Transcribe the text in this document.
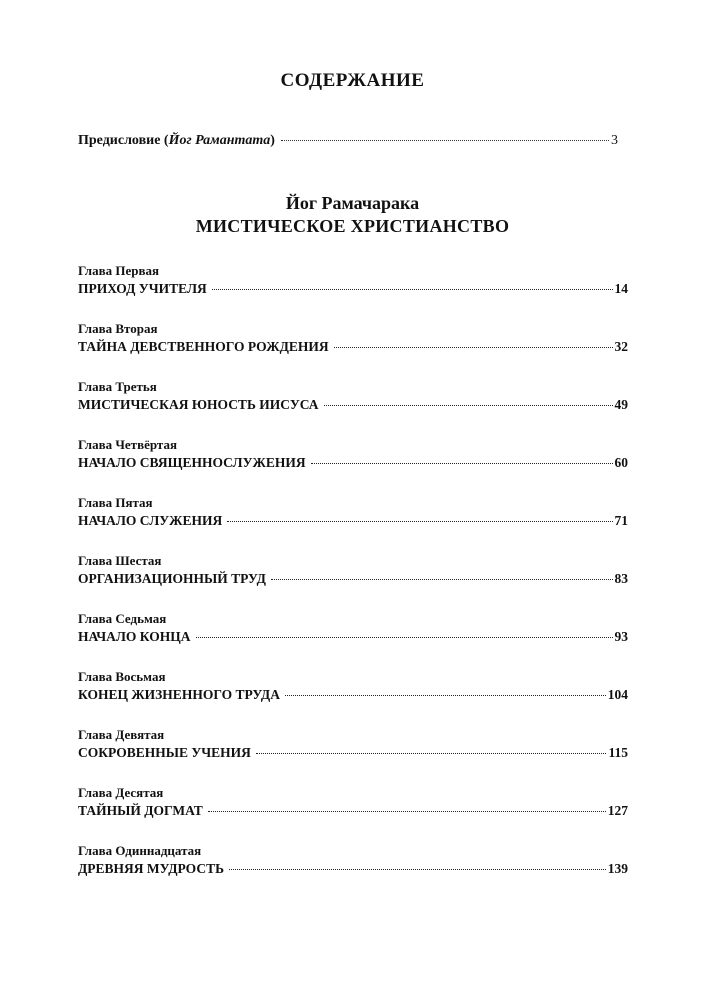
СОДЕРЖАНИЕ
Предисловие ( Йог Рамантата )	3
Йог Рамачарака
МИСТИЧЕСКОЕ ХРИСТИАНСТВО
Глава Первая
ПРИХОД УЧИТЕЛЯ	14
Глава Вторая
ТАЙНА ДЕВСТВЕННОГО РОЖДЕНИЯ	32
Глава Третья
МИСТИЧЕСКАЯ ЮНОСТЬ ИИСУСА	49
Глава Четвёртая
НАЧАЛО СВЯЩЕННОСЛУЖЕНИЯ	60
Глава Пятая
НАЧАЛО СЛУЖЕНИЯ	71
Глава Шестая
ОРГАНИЗАЦИОННЫЙ ТРУД	83
Глава Седьмая
НАЧАЛО КОНЦА	93
Глава Восьмая
КОНЕЦ ЖИЗНЕННОГО ТРУДА	104
Глава Девятая
СОКРОВЕННЫЕ УЧЕНИЯ	115
Глава Десятая
ТАЙНЫЙ ДОГМАТ	127
Глава Одиннадцатая
ДРЕВНЯЯ МУДРОСТЬ	139
